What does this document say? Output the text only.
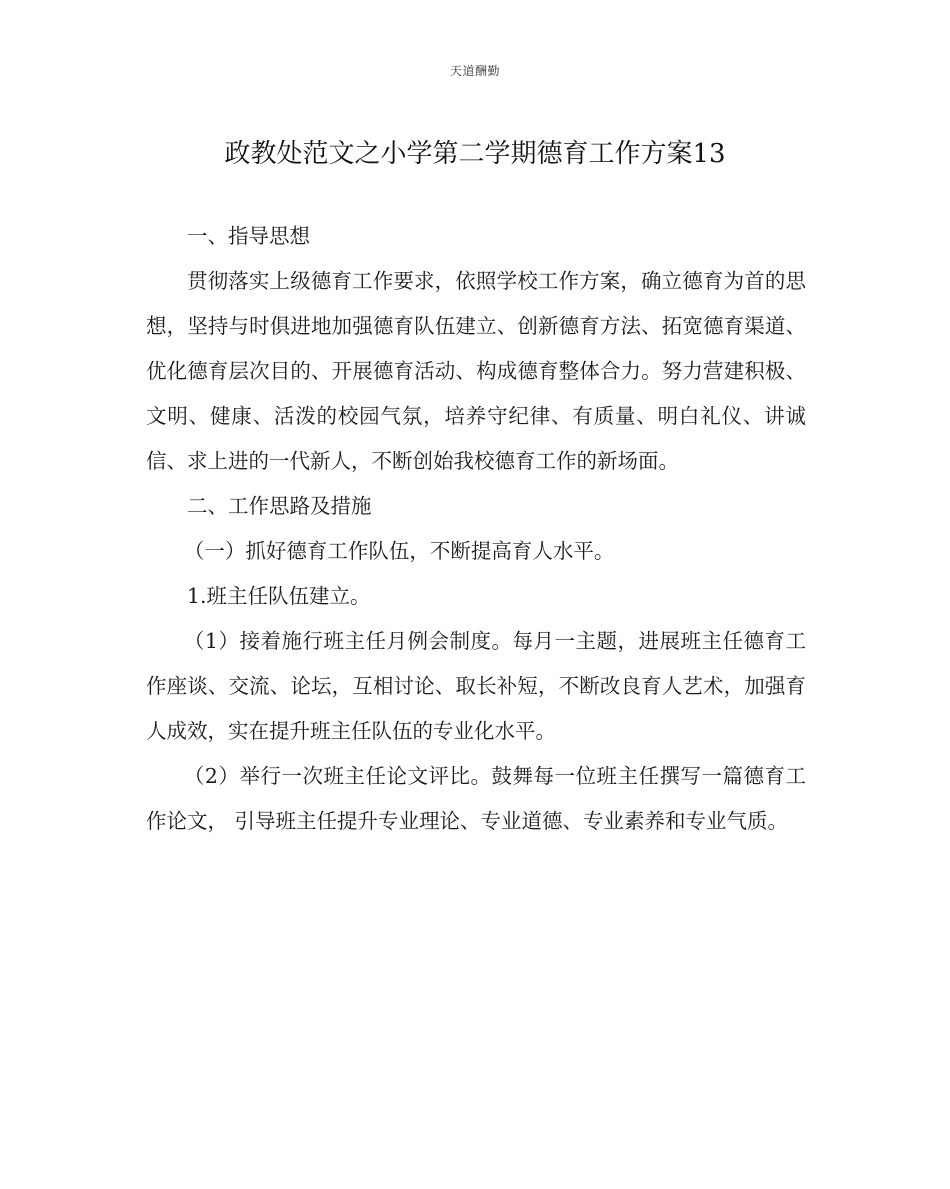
天道酬勤
政教处范文之小学第二学期德育工作方案13

一、指导思想

贯彻落实上级德育工作要求，依照学校工作方案，确立德育为首的思想，坚持与时俱进地加强德育队伍建立、创新德育方法、拓宽德育渠道、优化德育层次目的、开展德育活动、构成德育整体合力。努力营建积极、文明、健康、活泼的校园气氛，培养守纪律、有质量、明白礼仪、讲诚信、求上进的一代新人，不断创始我校德育工作的新场面。

二、工作思路及措施

（一）抓好德育工作队伍，不断提高育人水平。

1.班主任队伍建立。

（1）接着施行班主任月例会制度。每月一主题，进展班主任德育工作座谈、交流、论坛，互相讨论、取长补短，不断改良育人艺术，加强育人成效，实在提升班主任队伍的专业化水平。

（2）举行一次班主任论文评比。鼓舞每一位班主任撰写一篇德育工作论文， 引导班主任提升专业理论、专业道德、专业素养和专业气质。
